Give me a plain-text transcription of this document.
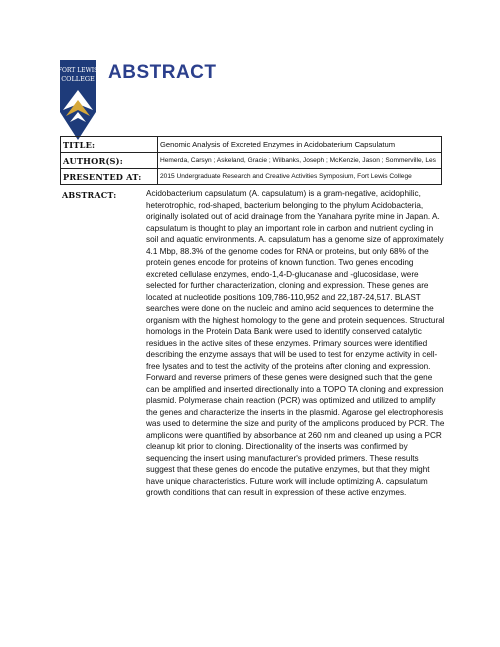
FORT LEWIS
COLLEGE ABSTRACT
TITLE:	Genomic Analysis of Excreted Enzymes in Acidobaterium Capsulatum
AUTHOR(S):	Hemerda, Carsyn ; Askeland, Gracie ; Wilbanks, Joseph ; McKenzie, Jason ; Sommerville, Les
PRESENTED AT:	2015 Undergraduate Research and Creative Activities Symposium, Fort Lewis College
ABSTRACT:	Acidobacterium capsulatum (A. capsulatum) is a gram-negative, acidophilic, heterotrophic, rod-shaped, bacterium belonging to the phylum Acidobacteria, originally isolated out of acid drainage from the Yanahara pyrite mine in Japan. A. capsulatum is thought to play an important role in carbon and nutrient cycling in soil and aquatic environments. A. capsulatum has a genome size of approximately 4.1 Mbp, 88.3% of the genome codes for RNA or proteins, but only 68% of the protein genes encode for proteins of known function. Two genes encoding excreted cellulase enzymes, endo-1,4-D-glucanase and -glucosidase, were selected for further characterization, cloning and expression. These genes are located at nucleotide positions 109,786-110,952 and 22,187-24,517. BLAST searches were done on the nucleic and amino acid sequences to determine the organism with the highest homology to the gene and protein sequences. Structural homologs in the Protein Data Bank were used to identify conserved catalytic residues in the active sites of these enzymes. Primary sources were identified describing the enzyme assays that will be used to test for enzyme activity in cell-free lysates and to test the activity of the proteins after cloning and expression. Forward and reverse primers of these genes were designed such that the gene can be amplified and inserted directionally into a TOPO TA cloning and expression plasmid. Polymerase chain reaction (PCR) was optimized and utilized to amplify the genes and characterize the inserts in the plasmid. Agarose gel electrophoresis was used to determine the size and purity of the amplicons produced by PCR. The amplicons were quantified by absorbance at 260 nm and cleaned up using a PCR cleanup kit prior to cloning. Directionality of the inserts was confirmed by sequencing the insert using manufacturer's provided primers. These results suggest that these genes do encode the putative enzymes, but that they might have unique characteristics. Future work will include optimizing A. capsulatum growth conditions that can result in expression of these active enzymes.
